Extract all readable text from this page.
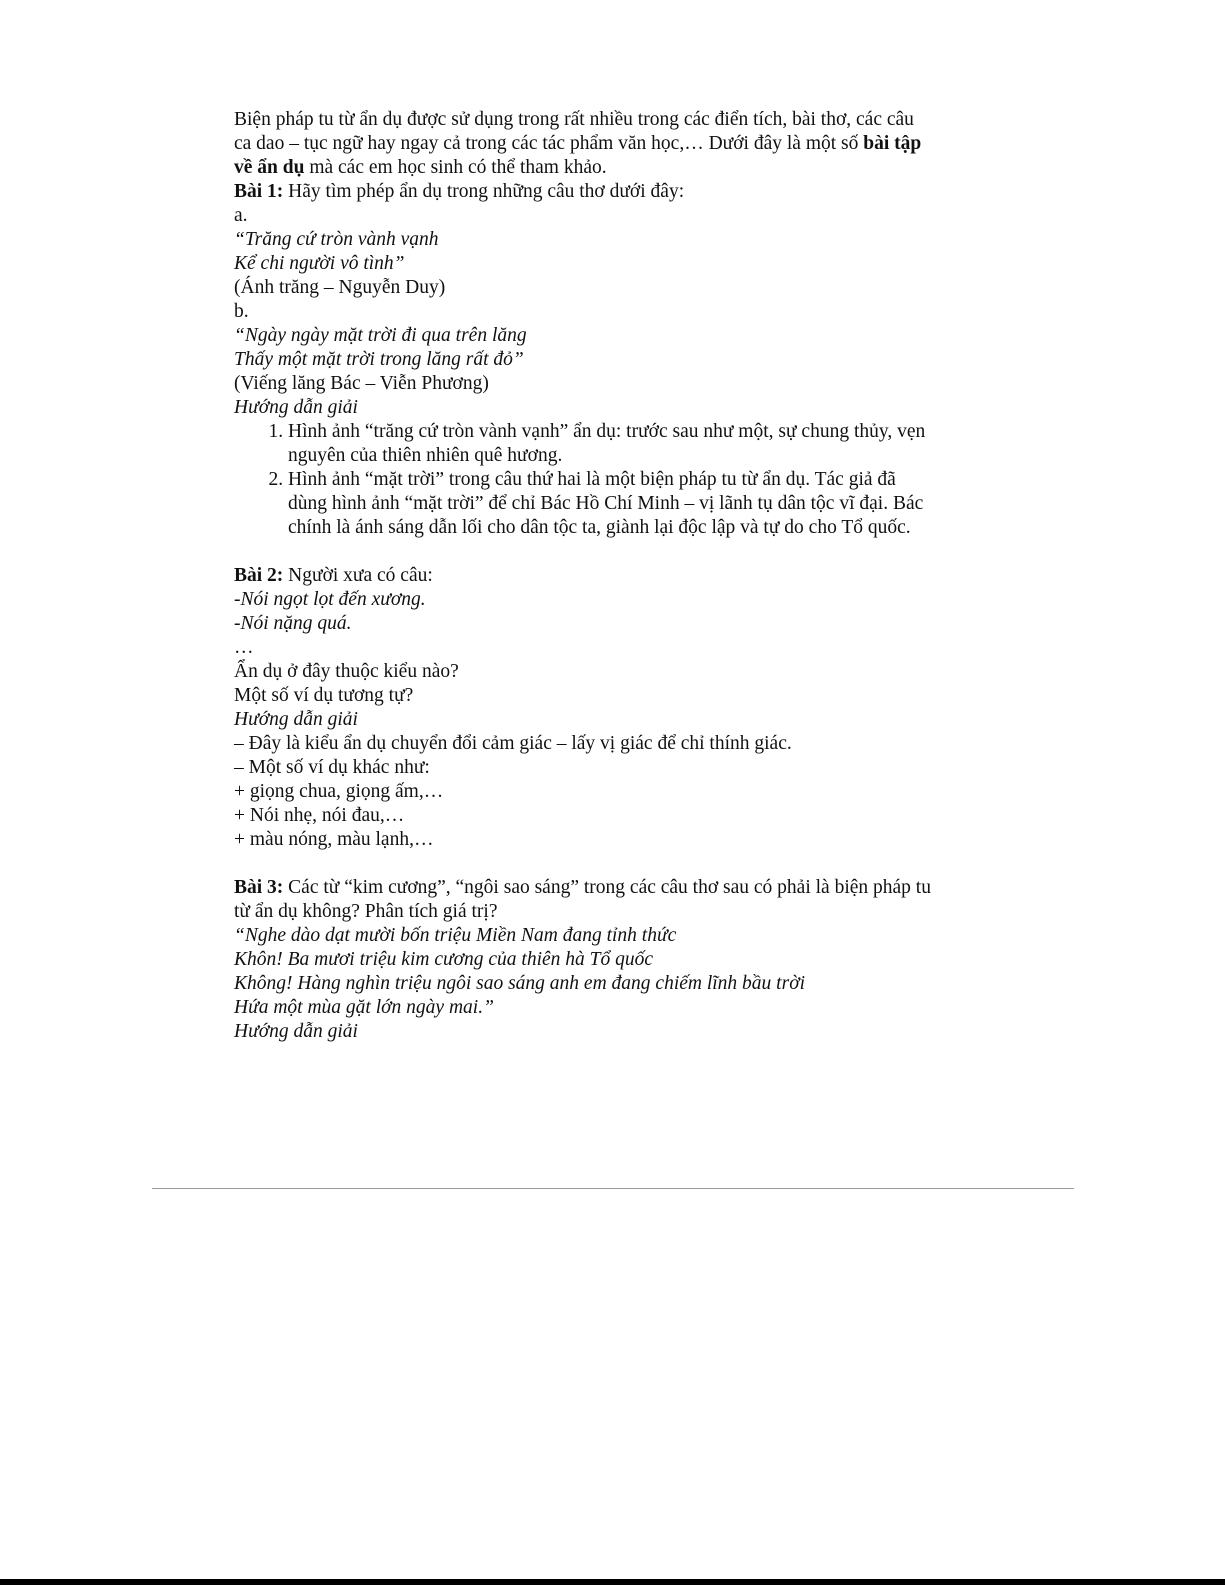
Biện pháp tu từ ẩn dụ được sử dụng trong rất nhiều trong các điển tích, bài thơ, các câu
ca dao – tục ngữ hay ngay cả trong các tác phẩm văn học,… Dưới đây là một số bài tập
về ẩn dụ mà các em học sinh có thể tham khảo.
Bài 1: Hãy tìm phép ẩn dụ trong những câu thơ dưới đây:
a.
“Trăng cứ tròn vành vạnh
Kể chi người vô tình”
(Ánh trăng – Nguyễn Duy)
b.
“Ngày ngày mặt trời đi qua trên lăng
Thấy một mặt trời trong lăng rất đỏ”
(Viếng lăng Bác – Viễn Phương)
Hướng dẫn giải
1. Hình ảnh “trăng cứ tròn vành vạnh” ẩn dụ: trước sau như một, sự chung thủy, vẹn
nguyên của thiên nhiên quê hương.
2. Hình ảnh “mặt trời” trong câu thứ hai là một biện pháp tu từ ẩn dụ. Tác giả đã
dùng hình ảnh “mặt trời” để chỉ Bác Hồ Chí Minh – vị lãnh tụ dân tộc vĩ đại. Bác
chính là ánh sáng dẫn lối cho dân tộc ta, giành lại độc lập và tự do cho Tổ quốc.
Bài 2: Người xưa có câu:
-Nói ngọt lọt đến xương.
-Nói nặng quá.
…
Ẩn dụ ở đây thuộc kiểu nào?
Một số ví dụ tương tự?
Hướng dẫn giải
– Đây là kiểu ẩn dụ chuyển đổi cảm giác – lấy vị giác để chỉ thính giác.
– Một số ví dụ khác như:
+ giọng chua, giọng ấm,…
+ Nói nhẹ, nói đau,…
+ màu nóng, màu lạnh,…
Bài 3: Các từ “kim cương”, “ngôi sao sáng” trong các câu thơ sau có phải là biện pháp tu
từ ẩn dụ không? Phân tích giá trị?
“Nghe dào dạt mười bốn triệu Miền Nam đang tỉnh thức
Khôn! Ba mươi triệu kim cương của thiên hà Tổ quốc
Không! Hàng nghìn triệu ngôi sao sáng anh em đang chiếm lĩnh bầu trời
Hứa một mùa gặt lớn ngày mai.”
Hướng dẫn giải
